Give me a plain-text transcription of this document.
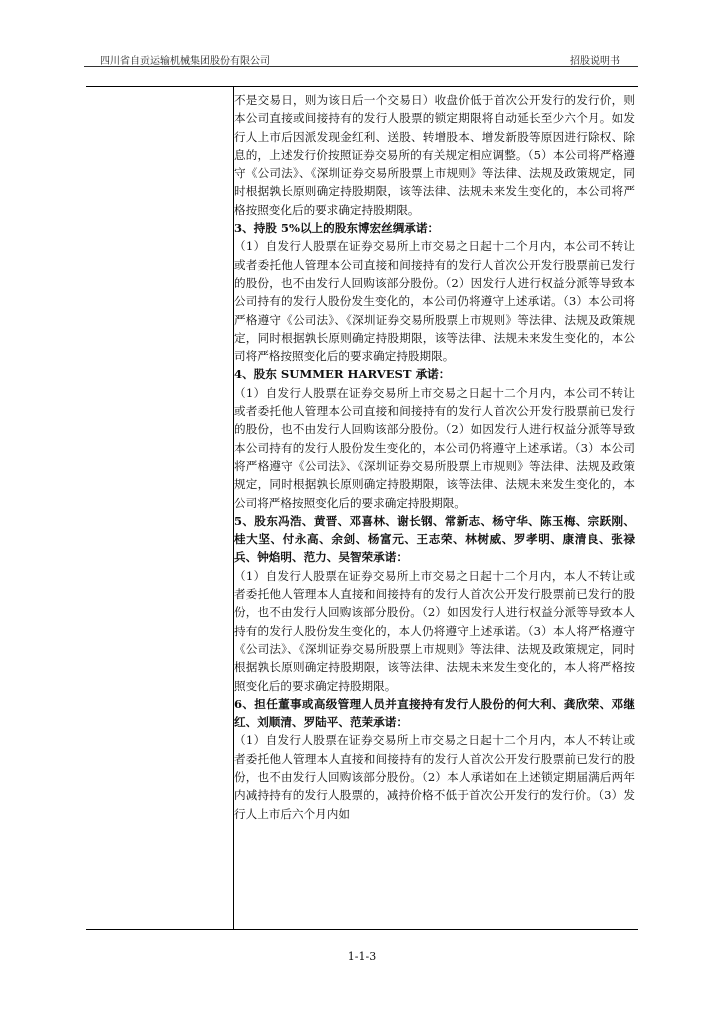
四川省自贡运输机械集团股份有限公司	招股说明书

不是交易日，则为该日后一个交易日）收盘价低于首次公开发行的发行价，则本公司直接或间接持有的发行人股票的锁定期限将自动延长至少六个月。如发行人上市后因派发现金红利、送股、转增股本、增发新股等原因进行除权、除息的，上述发行价按照证券交易所的有关规定相应调整。（5）本公司将严格遵守《公司法》、《深圳证券交易所股票上市规则》等法律、法规及政策规定，同时根据孰长原则确定持股期限，该等法律、法规未来发生变化的，本公司将严格按照变化后的要求确定持股期限。

3、持股 5%以上的股东博宏丝绸承诺：

（1）自发行人股票在证券交易所上市交易之日起十二个月内，本公司不转让或者委托他人管理本公司直接和间接持有的发行人首次公开发行股票前已发行的股份，也不由发行人回购该部分股份。（2）因发行人进行权益分派等导致本公司持有的发行人股份发生变化的，本公司仍将遵守上述承诺。（3）本公司将严格遵守《公司法》、《深圳证券交易所股票上市规则》等法律、法规及政策规定，同时根据孰长原则确定持股期限，该等法律、法规未来发生变化的，本公司将严格按照变化后的要求确定持股期限。

4、股东 SUMMER HARVEST 承诺：

（1）自发行人股票在证券交易所上市交易之日起十二个月内，本公司不转让或者委托他人管理本公司直接和间接持有的发行人首次公开发行股票前已发行的股份，也不由发行人回购该部分股份。（2）如因发行人进行权益分派等导致本公司持有的发行人股份发生变化的，本公司仍将遵守上述承诺。（3）本公司将严格遵守《公司法》、《深圳证券交易所股票上市规则》等法律、法规及政策规定，同时根据孰长原则确定持股期限，该等法律、法规未来发生变化的，本公司将严格按照变化后的要求确定持股期限。

5、股东冯浩、黄晋、邓喜林、谢长钢、常新志、杨守华、陈玉梅、宗跃刚、桂大坚、付永高、余剑、杨富元、王志荣、林树威、罗孝明、康清良、张禄兵、钟焰明、范力、吴智荣承诺：

（1）自发行人股票在证券交易所上市交易之日起十二个月内，本人不转让或者委托他人管理本人直接和间接持有的发行人首次公开发行股票前已发行的股份，也不由发行人回购该部分股份。（2）如因发行人进行权益分派等导致本人持有的发行人股份发生变化的，本人仍将遵守上述承诺。（3）本人将严格遵守《公司法》、《深圳证券交易所股票上市规则》等法律、法规及政策规定，同时根据孰长原则确定持股期限，该等法律、法规未来发生变化的，本人将严格按照变化后的要求确定持股期限。

6、担任董事或高级管理人员并直接持有发行人股份的何大利、龚欣荣、邓继红、刘顺清、罗陆平、范茉承诺：

（1）自发行人股票在证券交易所上市交易之日起十二个月内，本人不转让或者委托他人管理本人直接和间接持有的发行人首次公开发行股票前已发行的股份，也不由发行人回购该部分股份。（2）本人承诺如在上述锁定期届满后两年内减持持有的发行人股票的，减持价格不低于首次公开发行的发行价。（3）发行人上市后六个月内如

1-1-3
